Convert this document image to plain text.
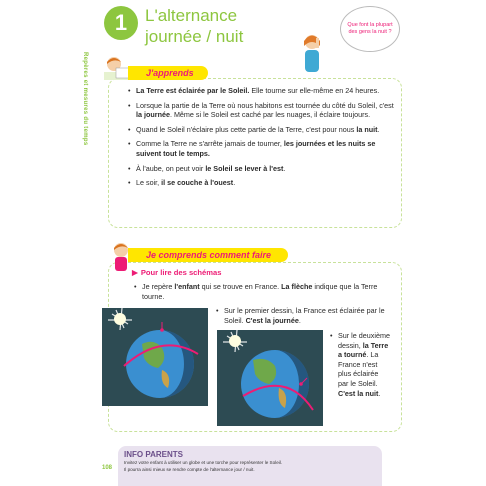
Repères et mesures du temps
1	L'alternance
journée / nuit
Que font la plupart des gens la nuit ?
J'apprends
• La Terre est éclairée par le Soleil. Elle tourne sur elle-même en 24 heures.
• Lorsque la partie de la Terre où nous habitons est tournée du côté du Soleil, c'est la journée. Même si le Soleil est caché par les nuages, il éclaire toujours.
• Quand le Soleil n'éclaire plus cette partie de la Terre, c'est pour nous la nuit.
• Comme la Terre ne s'arrête jamais de tourner, les journées et les nuits se suivent tout le temps.
• À l'aube, on peut voir le Soleil se lever à l'est.
• Le soir, il se couche à l'ouest.
Je comprends comment faire
▶ Pour lire des schémas
• Je repère l'enfant qui se trouve en France. La flèche indique que la Terre tourne.
• Sur le premier dessin, la France est éclairée par le Soleil. C'est la journée.
• Sur le deuxième dessin, la Terre a tourné. La France n'est plus éclairée par le Soleil. C'est la nuit.
108
INFO PARENTS
Invitez votre enfant à utiliser un globe et une torche pour représenter le Soleil.
Il pourra ainsi mieux se rendre compte de l'alternance jour / nuit.
